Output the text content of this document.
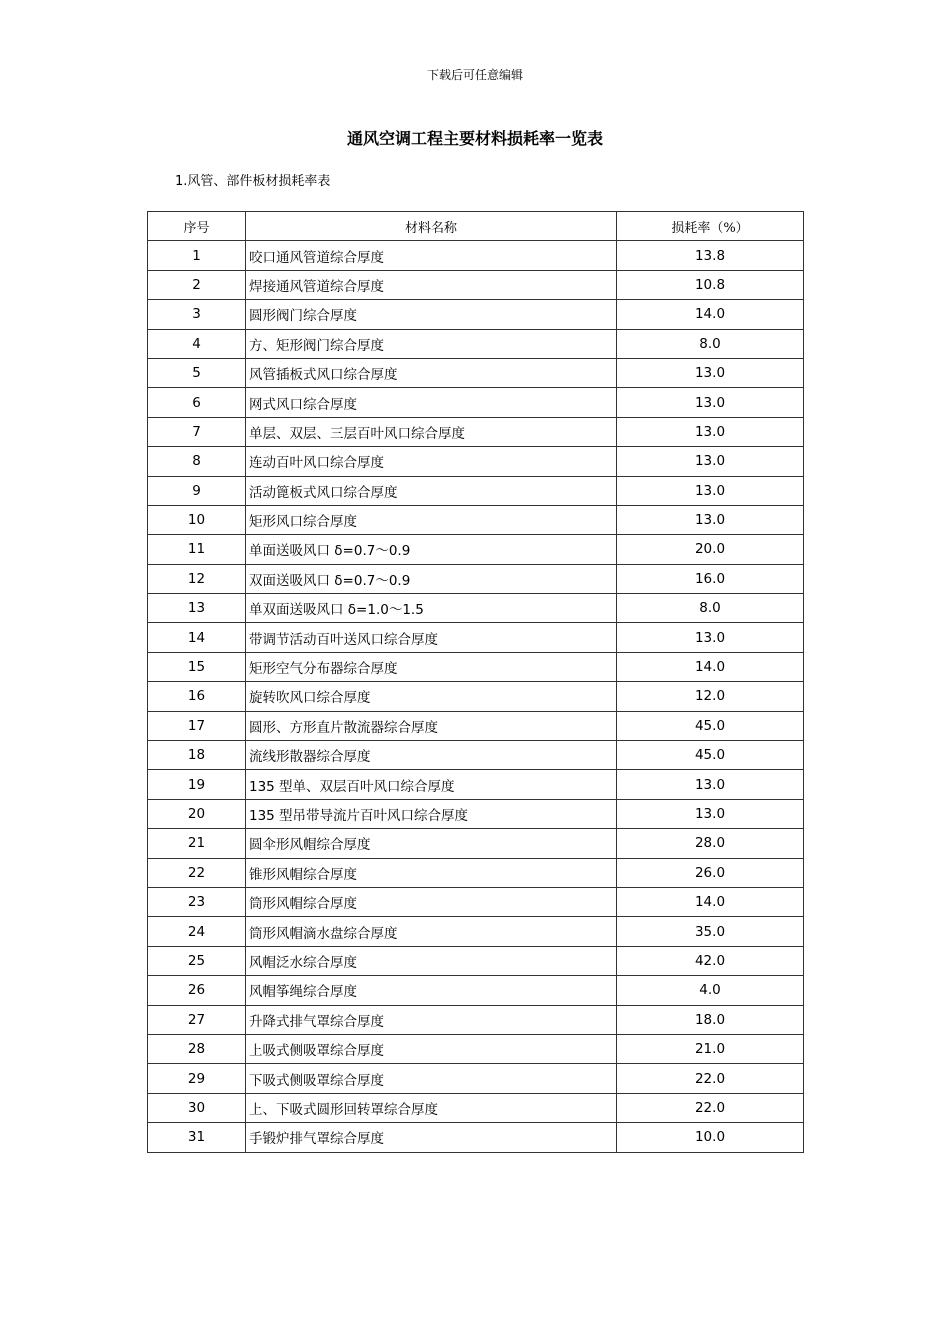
下载后可任意编辑
通风空调工程主要材料损耗率一览表
1.风管、部件板材损耗率表
序号	材料名称	损耗率（%）
1	咬口通风管道综合厚度	13.8
2	焊接通风管道综合厚度	10.8
3	圆形阀门综合厚度	14.0
4	方、矩形阀门综合厚度	8.0
5	风管插板式风口综合厚度	13.0
6	网式风口综合厚度	13.0
7	单层、双层、三层百叶风口综合厚度	13.0
8	连动百叶风口综合厚度	13.0
9	活动篦板式风口综合厚度	13.0
10	矩形风口综合厚度	13.0
11	单面送吸风口 δ=0.7～0.9	20.0
12	双面送吸风口 δ=0.7～0.9	16.0
13	单双面送吸风口 δ=1.0～1.5	8.0
14	带调节活动百叶送风口综合厚度	13.0
15	矩形空气分布器综合厚度	14.0
16	旋转吹风口综合厚度	12.0
17	圆形、方形直片散流器综合厚度	45.0
18	流线形散器综合厚度	45.0
19	135 型单、双层百叶风口综合厚度	13.0
20	135 型吊带导流片百叶风口综合厚度	13.0
21	圆伞形风帽综合厚度	28.0
22	锥形风帽综合厚度	26.0
23	筒形风帽综合厚度	14.0
24	筒形风帽滴水盘综合厚度	35.0
25	风帽泛水综合厚度	42.0
26	风帽筝绳综合厚度	4.0
27	升降式排气罩综合厚度	18.0
28	上吸式侧吸罩综合厚度	21.0
29	下吸式侧吸罩综合厚度	22.0
30	上、下吸式圆形回转罩综合厚度	22.0
31	手锻炉排气罩综合厚度	10.0
